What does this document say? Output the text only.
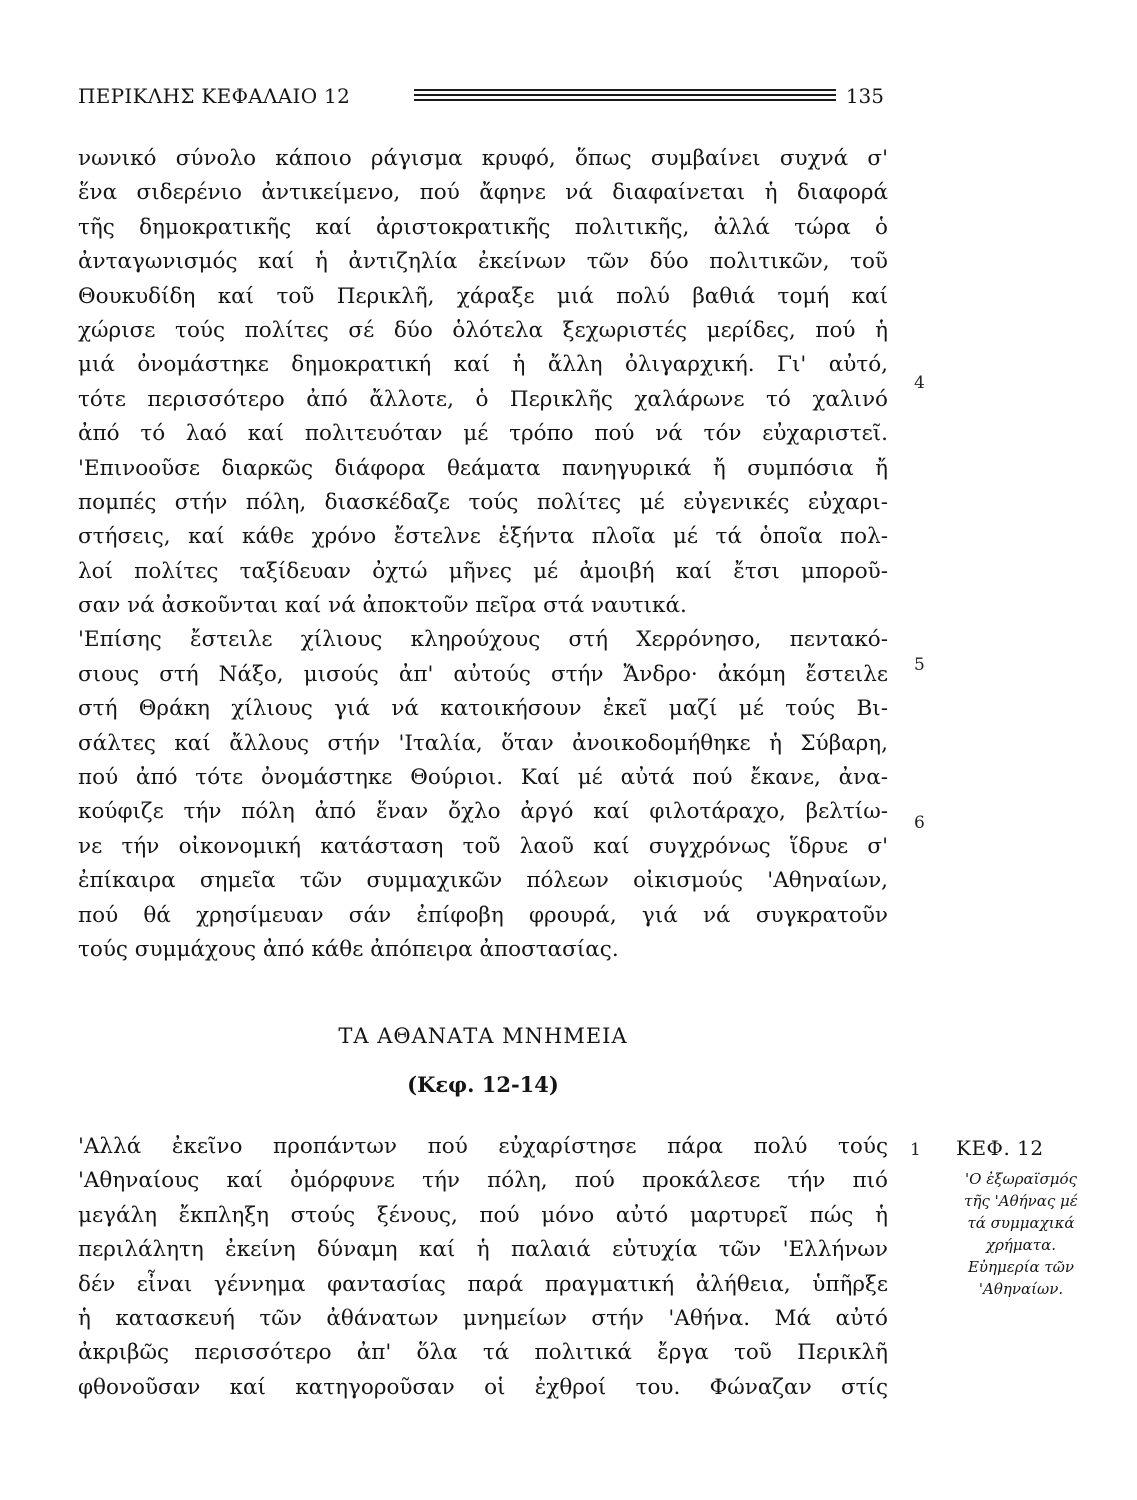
ΠΕΡΙΚΛΗΣ ΚΕΦΑΛΑΙΟ 12	135
νωνικό σύνολο κάποιο ράγισμα κρυφό, ὅπως συμβαίνει συχνά σ'
ἕνα σιδερένιο ἀντικείμενο, πού ἄφηνε νά διαφαίνεται ἡ διαφορά
τῆς δημοκρατικῆς καί ἀριστοκρατικῆς πολιτικῆς, ἀλλά τώρα ὁ
ἀνταγωνισμός καί ἡ ἀντιζηλία ἐκείνων τῶν δύο πολιτικῶν, τοῦ
Θουκυδίδη καί τοῦ Περικλῆ, χάραξε μιά πολύ βαθιά τομή καί
χώρισε τούς πολίτες σέ δύο ὁλότελα ξεχωριστές μερίδες, πού ἡ
μιά ὀνομάστηκε δημοκρατική καί ἡ ἄλλη ὀλιγαρχική. Γι' αὐτό,
τότε περισσότερο ἀπό ἄλλοτε, ὁ Περικλῆς χαλάρωνε τό χαλινό
ἀπό τό λαό καί πολιτευόταν μέ τρόπο πού νά τόν εὐχαριστεῖ.
'Επινοοῦσε διαρκῶς διάφορα θεάματα πανηγυρικά ἤ συμπόσια ἤ
πομπές στήν πόλη, διασκέδαζε τούς πολίτες μέ εὐγενικές εὐχαρι-
στήσεις, καί κάθε χρόνο ἔστελνε ἑξήντα πλοῖα μέ τά ὁποῖα πολ-
λοί πολίτες ταξίδευαν ὀχτώ μῆνες μέ ἀμοιβή καί ἔτσι μποροῦ-
σαν νά ἀσκοῦνται καί νά ἀποκτοῦν πεῖρα στά ναυτικά.
'Επίσης ἔστειλε χίλιους κληρούχους στή Χερρόνησο, πεντακό-
σιους στή Νάξο, μισούς ἀπ' αὐτούς στήν Ἄνδρο· ἀκόμη ἔστειλε
στή Θράκη χίλιους γιά νά κατοικήσουν ἐκεῖ μαζί μέ τούς Βι-
σάλτες καί ἄλλους στήν 'Ιταλία, ὅταν ἀνοικοδομήθηκε ἡ Σύβαρη,
πού ἀπό τότε ὀνομάστηκε Θούριοι. Καί μέ αὐτά πού ἔκανε, ἀνα-
κούφιζε τήν πόλη ἀπό ἕναν ὄχλο ἀργό καί φιλοτάραχο, βελτίω-
νε τήν οἰκονομική κατάσταση τοῦ λαοῦ καί συγχρόνως ἵδρυε σ'
ἐπίκαιρα σημεῖα τῶν συμμαχικῶν πόλεων οἰκισμούς 'Αθηναίων,
πού θά χρησίμευαν σάν ἐπίφοβη φρουρά, γιά νά συγκρατοῦν
τούς συμμάχους ἀπό κάθε ἀπόπειρα ἀποστασίας.
ΤΑ ΑΘΑΝΑΤΑ ΜΝΗΜΕΙΑ
(Κεφ. 12-14)
'Αλλά ἐκεῖνο προπάντων πού εὐχαρίστησε πάρα πολύ τούς
'Αθηναίους καί ὀμόρφυνε τήν πόλη, πού προκάλεσε τήν πιό
μεγάλη ἔκπληξη στούς ξένους, πού μόνο αὐτό μαρτυρεῖ πώς ἡ
περιλάλητη ἐκείνη δύναμη καί ἡ παλαιά εὐτυχία τῶν 'Ελλήνων
δέν εἶναι γέννημα φαντασίας παρά πραγματική ἀλήθεια, ὑπῆρξε
ἡ κατασκευή τῶν ἀθάνατων μνημείων στήν 'Αθήνα. Μά αὐτό
ἀκριβῶς περισσότερο ἀπ' ὅλα τά πολιτικά ἔργα τοῦ Περικλῆ
φθονοῦσαν καί κατηγοροῦσαν οἱ ἐχθροί του. Φώναζαν στίς
4
5
6
1	ΚΕΦ. 12
'Ο ἐξωραϊσμός
τῆς 'Αθήνας μέ
τά συμμαχικά
χρήματα.
Εὐημερία τῶν
'Αθηναίων.
